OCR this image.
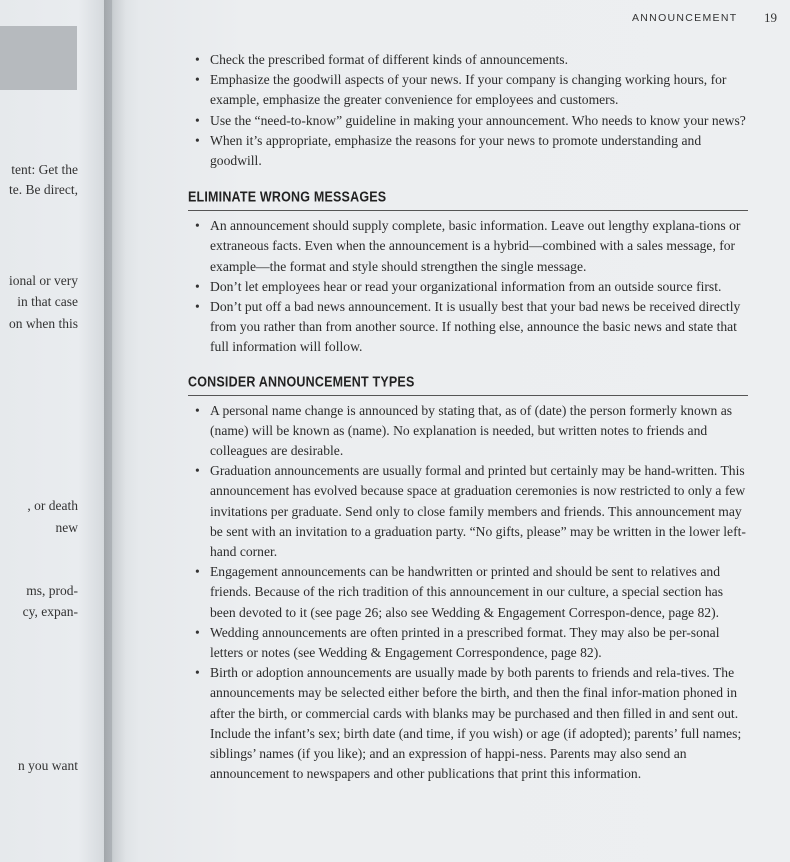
tent: Get the
te. Be direct,
ional or very
in that case
on when this
, or death
new
ms, prod-
cy, expan-
n you want
ANNOUNCEMENT 19
• Check the prescribed format of different kinds of announcements.
• Emphasize the goodwill aspects of your news. If your company is changing working hours, for example, emphasize the greater convenience for employees and customers.
• Use the “need-to-know” guideline in making your announcement. Who needs to know your news?
• When it’s appropriate, emphasize the reasons for your news to promote understanding and goodwill.
ELIMINATE WRONG MESSAGES
• An announcement should supply complete, basic information. Leave out lengthy explana-tions or extraneous facts. Even when the announcement is a hybrid—combined with a sales message, for example—the format and style should strengthen the single message.
• Don’t let employees hear or read your organizational information from an outside source first.
• Don’t put off a bad news announcement. It is usually best that your bad news be received directly from you rather than from another source. If nothing else, announce the basic news and state that full information will follow.
CONSIDER ANNOUNCEMENT TYPES
• A personal name change is announced by stating that, as of (date) the person formerly known as (name) will be known as (name). No explanation is needed, but written notes to friends and colleagues are desirable.
• Graduation announcements are usually formal and printed but certainly may be hand-written. This announcement has evolved because space at graduation ceremonies is now restricted to only a few invitations per graduate. Send only to close family members and friends. This announcement may be sent with an invitation to a graduation party. “No gifts, please” may be written in the lower left-hand corner.
• Engagement announcements can be handwritten or printed and should be sent to relatives and friends. Because of the rich tradition of this announcement in our culture, a special section has been devoted to it (see page 26; also see Wedding & Engagement Correspon-dence, page 82).
• Wedding announcements are often printed in a prescribed format. They may also be per-sonal letters or notes (see Wedding & Engagement Correspondence, page 82).
• Birth or adoption announcements are usually made by both parents to friends and rela-tives. The announcements may be selected either before the birth, and then the final infor-mation phoned in after the birth, or commercial cards with blanks may be purchased and then filled in and sent out. Include the infant’s sex; birth date (and time, if you wish) or age (if adopted); parents’ full names; siblings’ names (if you like); and an expression of happi-ness. Parents may also send an announcement to newspapers and other publications that print this information.
